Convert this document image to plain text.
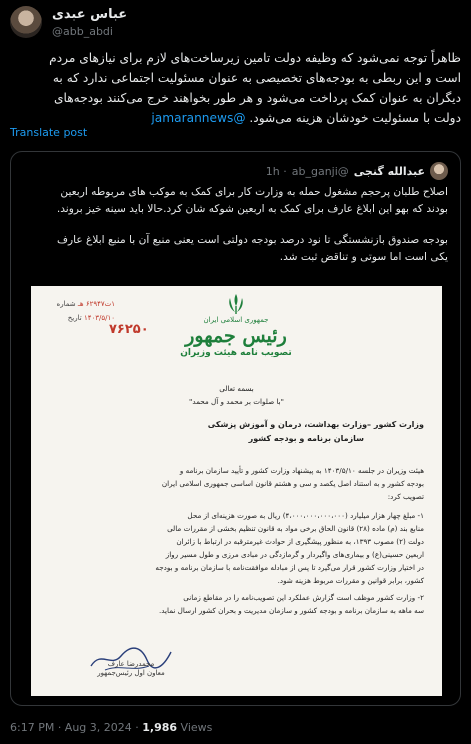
عباس عبدی
@abb_abdi
ظاهراً توجه نمی‌شود که وظیفه دولت تامین زیرساخت‌های لازم برای نیازهای مردم
است و این ربطی به بودجه‌های تخصیصی به عنوان مسئولیت اجتماعی ندارد که به
دیگران به عنوان کمک پرداخت می‌شود و هر طور بخواهند خرج می‌کنند بودجه‌های
دولت با مسئولیت خودشان هزینه می‌شود. @jamarannews
Translate post
عبدالله گنجی
@ab_ganji
· 1h
اصلاح طلبان پرحجم مشغول حمله به وزارت کار برای کمک به موکب های مربوطه اربعین
بودند که بهو این ابلاغ عارف برای کمک به اربعین شوکه شان کرد.حالا باید سینه خیز بروند.
بودجه صندوق بازنشستگی تا نود درصد بودجه دولتی است یعنی منبع آن با منبع ابلاغ عارف
یکی است اما سوتی و تناقض ثبت شد.
۱ت۶۲۹۴۷ هـ شماره
۱۴۰۳/۵/۱۰ تاریخ
۷۶۲۵۰
جمهوری اسلامی ایران
رئیس جمهور
تصویب نامه هیئت وزیران
بسمه تعالی
"با صلوات بر محمد و آل محمد"
وزارت کشور –وزارت بهداشت، درمان و آموزش پزشکی
سازمان برنامه و بودجه کشور
هیئت وزیران در جلسه ۱۴۰۳/۵/۱۰ به پیشنهاد وزارت کشور و تأیید سازمان برنامه و
بودجه کشور و به استناد اصل یکصد و سی و هشتم قانون اساسی جمهوری اسلامی ایران
تصویب کرد:
۱- مبلغ چهار هزار میلیارد (۴،۰۰۰،۰۰۰،۰۰۰،۰۰۰) ریال به صورت هزینه‌ای از محل
منابع بند (م) ماده (۲۸) قانون الحاق برخی مواد به قانون تنظیم بخشی از مقررات مالی
دولت (۲) مصوب ۱۳۹۳، به منظور پیشگیری از حوادث غیرمترقبه در ارتباط با زائران
اربعین حسینی(ع) و بیماری‌های واگیردار و گرمازدگی در مبادی مرزی و طول مسیر رواز
در اختیار وزارت کشور قرار می‌گیرد تا پس از مبادله موافقت‌نامه با سازمان برنامه و بودجه
کشور، برابر قوانین و مقررات مربوط هزینه شود.
۲- وزارت کشور موظف است گزارش عملکرد این تصویب‌نامه را در مقاطع زمانی
سه ماهه به سازمان برنامه و بودجه کشور و سازمان مدیریت و بحران کشور ارسال نماید.
محمدرضا عارف
معاون اول رئیس‌جمهور
6:17 PM · Aug 3, 2024 · 1,986 Views
